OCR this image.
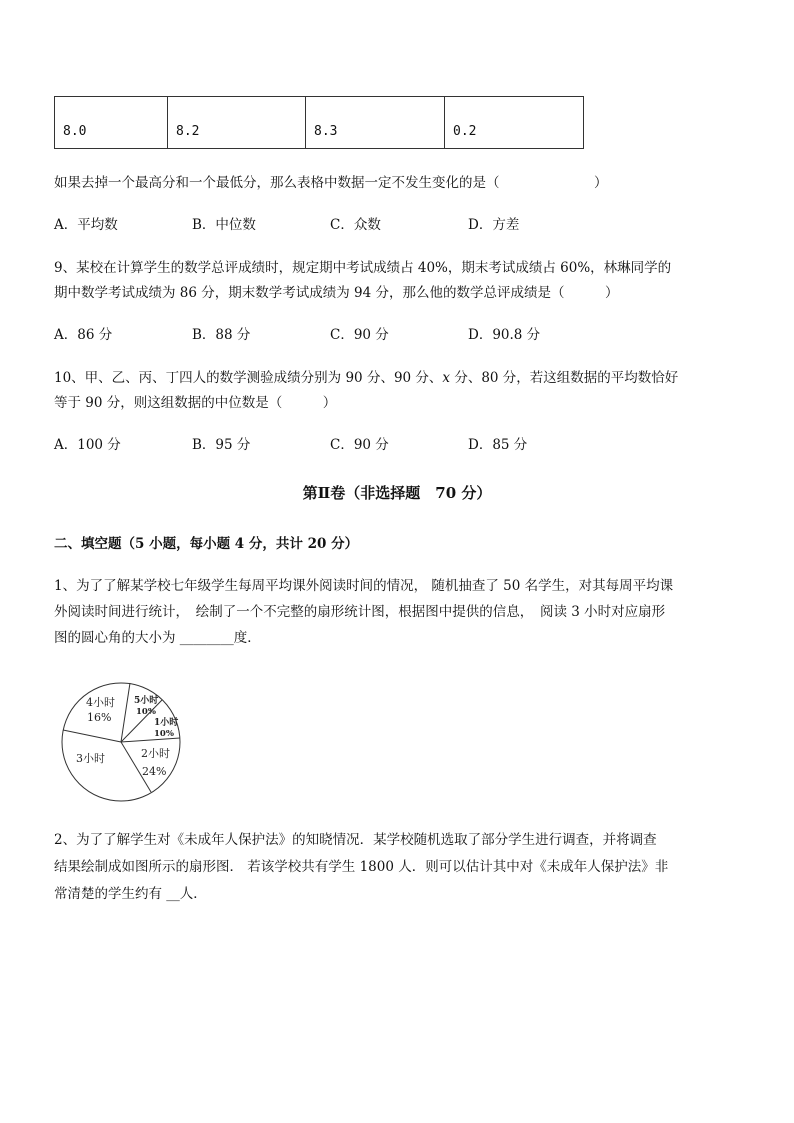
8.0	8.2	8.3	0.2
如果去掉一个最高分和一个最低分，那么表格中数据一定不发生变化的是（　　　　　　　）
A．平均数	B．中位数	C．众数	D．方差
9、某校在计算学生的数学总评成绩时，规定期中考试成绩占 40%，期末考试成绩占 60%，林琳同学的
期中数学考试成绩为 86 分，期末数学考试成绩为 94 分，那么他的数学总评成绩是（　　　）
A．86 分	B．88 分	C．90 分	D．90.8 分
10、甲、乙、丙、丁四人的数学测验成绩分别为 90 分、90 分、x 分、80 分，若这组数据的平均数恰好
等于 90 分，则这组数据的中位数是（　　　）
A．100 分	B．95 分	C．90 分	D．85 分
第Ⅱ卷（非选择题　70 分）
二、填空题（5 小题，每小题 4 分，共计 20 分）
1、为了了解某学校七年级学生每周平均课外阅读时间的情况， 随机抽查了 50 名学生，对其每周平均课
外阅读时间进行统计，　绘制了一个不完整的扇形统计图，根据图中提供的信息，　阅读 3 小时对应扇形
图的圆心角的大小为 ________度．
4小时
16%
5小时
10%
1小时
10%
2小时
24%
3小时
2、为了了解学生对《未成年人保护法》的知晓情况．某学校随机选取了部分学生进行调查，并将调查
结果绘制成如图所示的扇形图． 若该学校共有学生 1800 人．则可以估计其中对《未成年人保护法》非
常清楚的学生约有 __人．
